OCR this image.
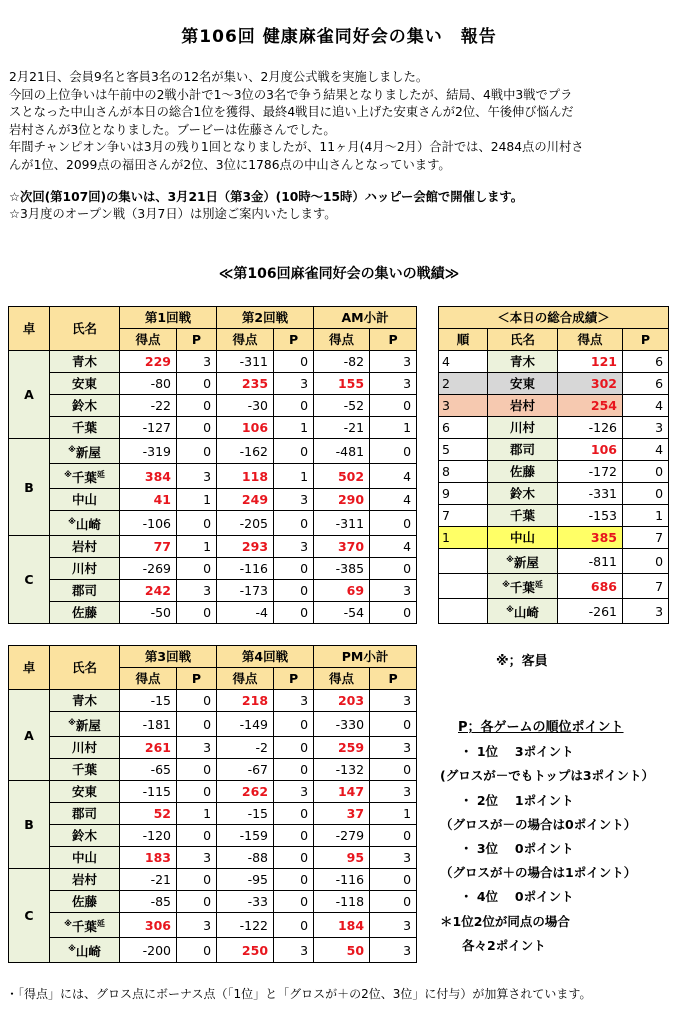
第106回 健康麻雀同好会の集い　報告
2月21日、会員9名と客員3名の12名が集い、2月度公式戦を実施しました。
今回の上位争いは午前中の2戦小計で1～3位の3名で争う結果となりましたが、結局、4戦中3戦でプラ
スとなった中山さんが本日の総合1位を獲得、最終4戦目に追い上げた安東さんが2位、午後伸び悩んだ
岩村さんが3位となりました。ブービーは佐藤さんでした。
年間チャンピオン争いは3月の残り1回となりましたが、11ヶ月(4月～2月）合計では、2484点の川村さ
んが1位、2099点の福田さんが2位、3位に1786点の中山さんとなっています。
☆次回(第107回)の集いは、3月21日（第3金）(10時～15時）ハッピー会館で開催します。
☆3月度のオープン戦（3月7日）は別途ご案内いたします。
≪第106回麻雀同好会の集いの戦績≫
卓	氏名	第1回戦		第2回戦		AM小計	
		得点	P	得点	P	得点	P
A	青木	229	3	-311	0	-82	3
	安東	-80	0	235	3	155	3
	鈴木	-22	0	-30	0	-52	0
	千葉	-127	0	106	1	-21	1
B	※新屋	-319	0	-162	0	-481	0
	※千葉$^延$	384	3	118	1	502	4
	中山	41	1	249	3	290	4
	※山崎	-106	0	-205	0	-311	0
C	岩村	77	1	293	3	370	4
	川村	-269	0	-116	0	-385	0
	郡司	242	3	-173	0	69	3
	佐藤	-50	0	-4	0	-54	0
卓	氏名	第3回戦		第4回戦		PM小計	
		得点	P	得点	P	得点	P
A	青木	-15	0	218	3	203	3
	※新屋	-181	0	-149	0	-330	0
	川村	261	3	-2	0	259	3
	千葉	-65	0	-67	0	-132	0
B	安東	-115	0	262	3	147	3
	郡司	52	1	-15	0	37	1
	鈴木	-120	0	-159	0	-279	0
	中山	183	3	-88	0	95	3
C	岩村	-21	0	-95	0	-116	0
	佐藤	-85	0	-33	0	-118	0
	※千葉$^延$	306	3	-122	0	184	3
	※山崎	-200	0	250	3	50	3
＜本日の総合成績＞			
順	氏名	得点	P
4	青木	121	6
2	安東	302	6
3	岩村	254	4
6	川村	-126	3
5	郡司	106	4
8	佐藤	-172	0
9	鈴木	-331	0
7	千葉	-153	1
1	中山	385	7
	※新屋	-811	0
	※千葉$^延$	686	7
	※山崎	-261	3
※；客員
P；各ゲームの順位ポイント
・ 1位　 3ポイント
(グロスが－でもトップは3ポイント）
・ 2位　 1ポイント
（グロスが－の場合は0ポイント）
・ 3位　 0ポイント
（グロスが＋の場合は1ポイント）
・ 4位　 0ポイント
＊1位2位が同点の場合
各々2ポイント
・「得点」には、グロス点にボーナス点（「1位」と「グロスが＋の2位、3位」に付与）が加算されています。
